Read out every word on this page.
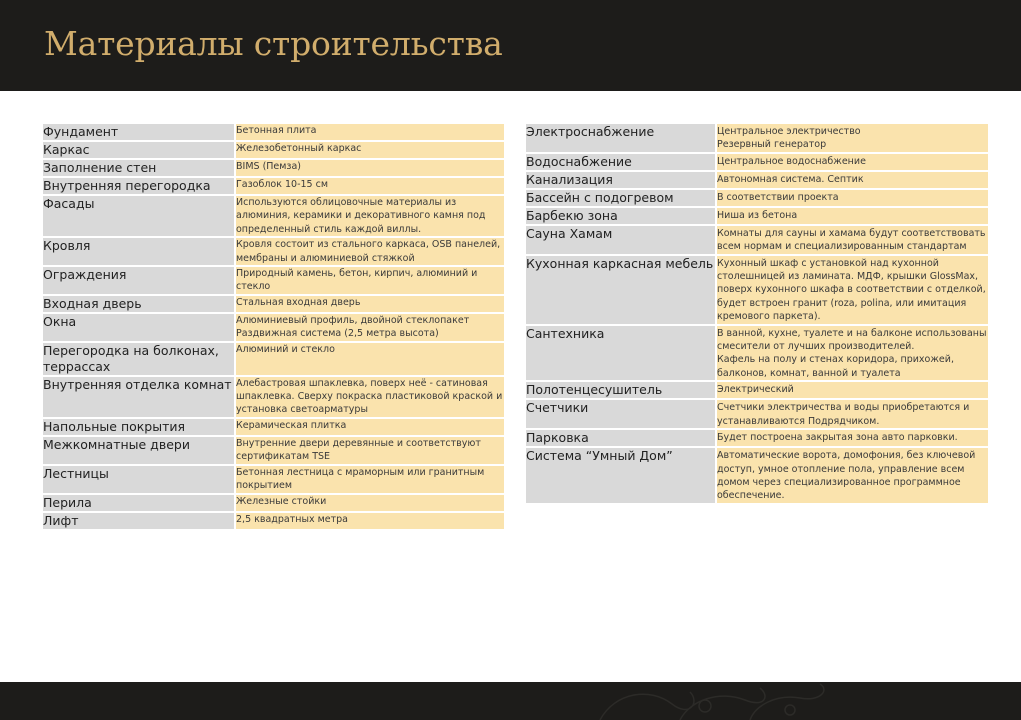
Материалы строительства
Фундамент	Бетонная плита
Каркас	Железобетонный каркас
Заполнение стен	BIMS (Пемза)
Внутренняя перегородка	Газоблок 10-15 см
Фасады	Используются облицовочные материалы из алюминия, керамики и декоративного камня под определенный стиль каждой виллы.
Кровля	Кровля состоит из стального каркаса, OSB панелей, мембраны и алюминиевой стяжкой
Ограждения	Природный камень, бетон, кирпич, алюминий и стекло
Входная дверь	Стальная входная дверь
Окна	Алюминиевый профиль, двойной стеклопакет
Раздвижная система (2,5 метра высота)
Перегородка на болконах, террассах	Алюминий и стекло
Внутренняя отделка комнат	Алебастровая шпаклевка, поверх неё - сатиновая шпаклевка. Сверху покраска пластиковой краской и установка светоарматуры
Напольные покрытия	Керамическая плитка
Межкомнатные двери	Внутренние двери деревянные и соответствуют сертификатам TSE
Лестницы	Бетонная лестница с мраморным или гранитным покрытием
Перила	Железные стойки
Лифт	2,5 квадратных метра
Электроснабжение	Центральное электричество
Резервный генератор
Водоснабжение	Центральное водоснабжение
Канализация	Автономная система. Септик
Бассейн с подогревом	В соответствии проекта
Барбекю зона	Ниша из бетона
Сауна Хамам	Комнаты для сауны и хамама будут соответствовать всем нормам и специализированным стандартам
Кухонная каркасная мебель	Кухонный шкаф с установкой над кухонной столешницей из ламината. МДФ, крышки GlossMax, поверх кухонного шкафа в соответствии с отделкой, будет встроен гранит (roza, polina, или имитация кремового паркета).
Сантехника	В ванной, кухне, туалете и на балконе использованы смесители от лучших производителей.
Кафель на полу и стенах коридора, прихожей, балконов, комнат, ванной и туалета
Полотенцесушитель	Электрический
Счетчики	Счетчики электричества и воды приобретаются и устанавливаются Подрядчиком.
Парковка	Будет построена закрытая зона авто парковки.
Система “Умный Дом”	Автоматические ворота, домофония, без ключевой доступ, умное отопление пола, управление всем домом через специализированное программное обеспечение.
